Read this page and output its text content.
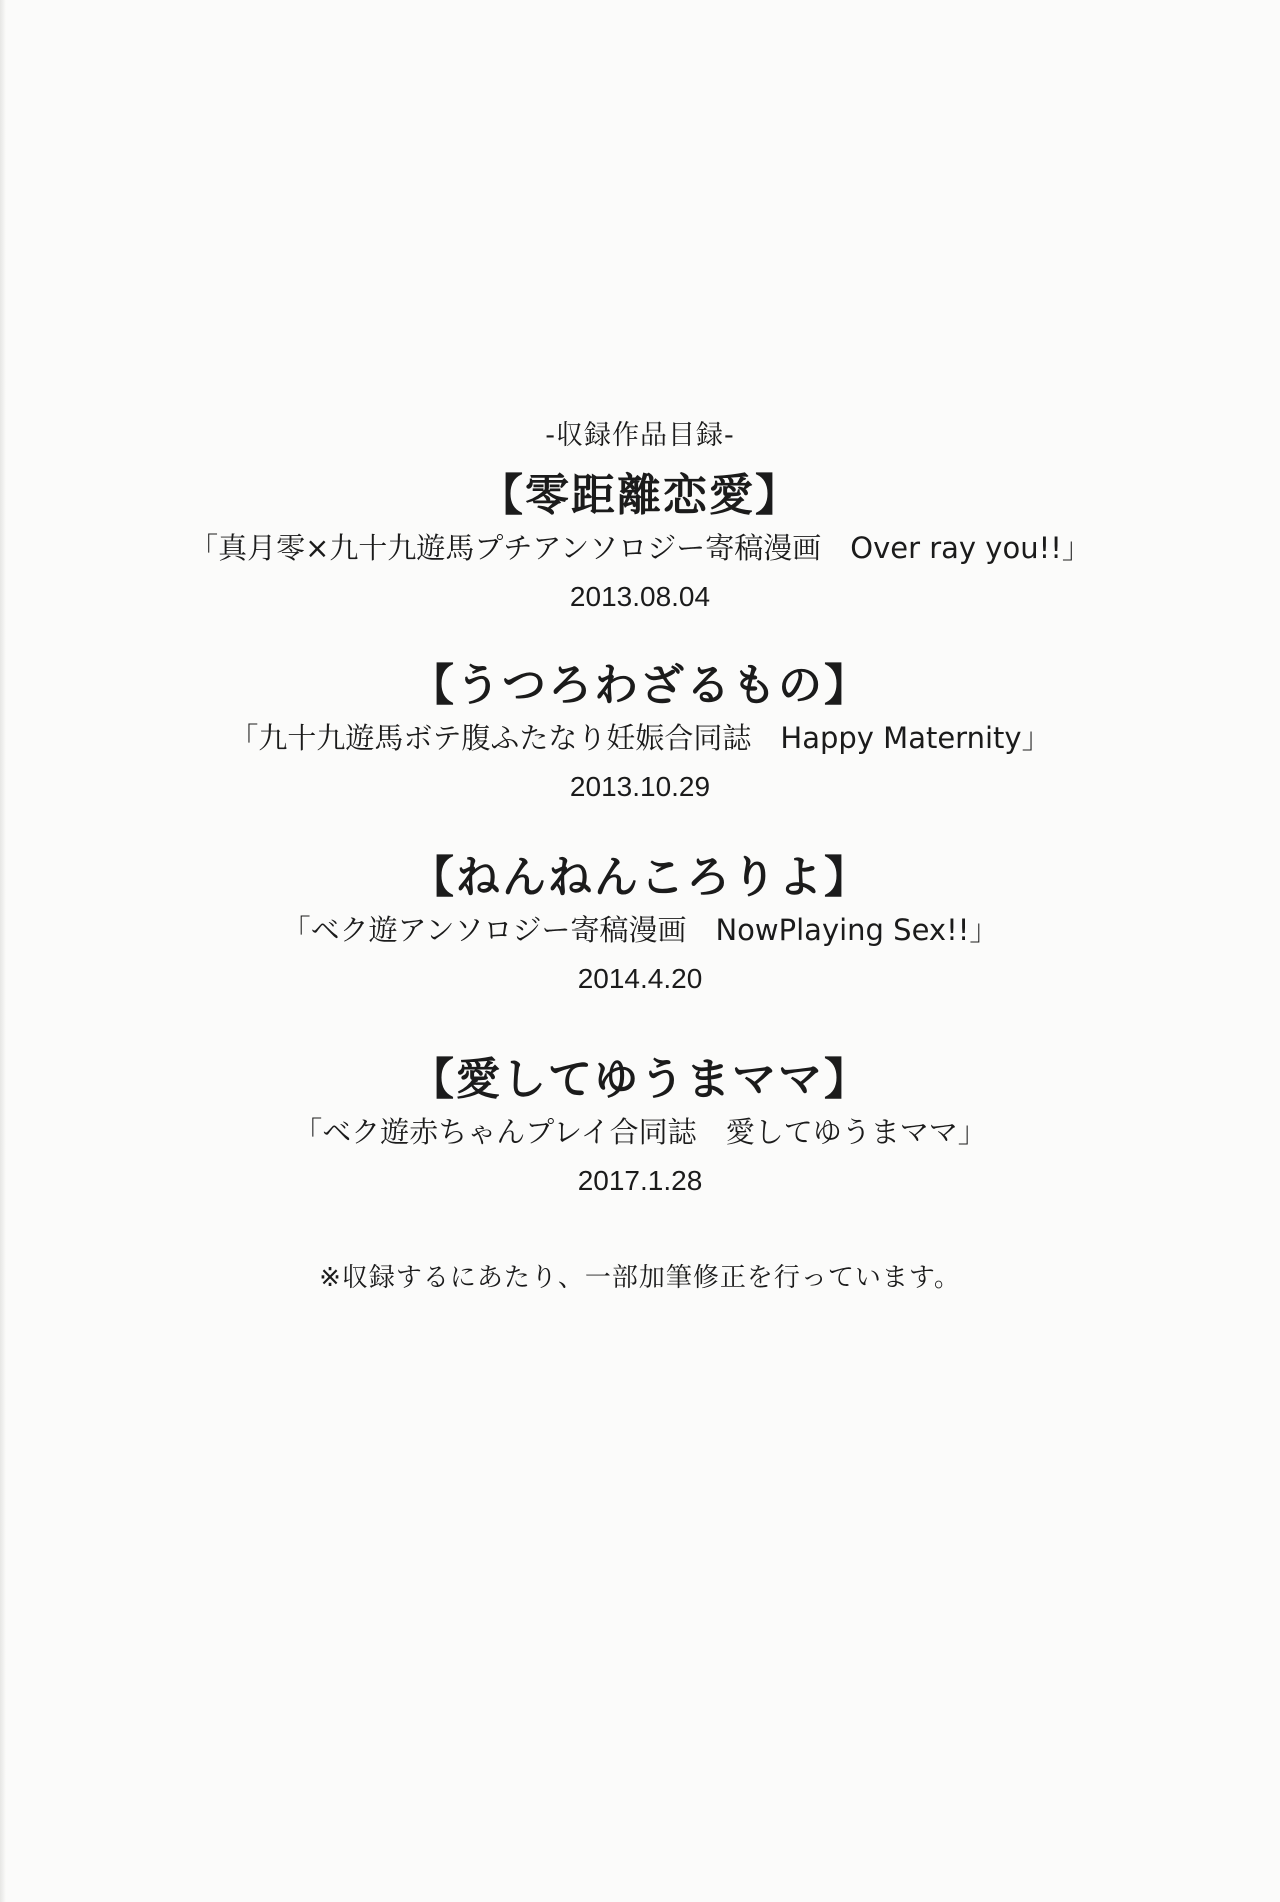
-収録作品目録-
【零距離恋愛】
「真月零×九十九遊馬プチアンソロジー寄稿漫画　Over ray you!!」
2013.08.04
【うつろわざるもの】
「九十九遊馬ボテ腹ふたなり妊娠合同誌　Happy Maternity」
2013.10.29
【ねんねんころりよ】
「ベク遊アンソロジー寄稿漫画　NowPlaying Sex!!」
2014.4.20
【愛してゆうまママ】
「ベク遊赤ちゃんプレイ合同誌　愛してゆうまママ」
2017.1.28
※収録するにあたり、一部加筆修正を行っています。
